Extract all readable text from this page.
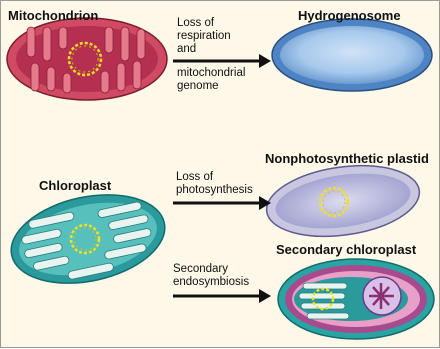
Mitochondrion	Hydrogenosome
Chloroplast
Nonphotosynthetic plastid
Secondary chloroplast
Loss of
respiration
and
mitochondrial
genome
Loss of
photosynthesis
Secondary
endosymbiosis
